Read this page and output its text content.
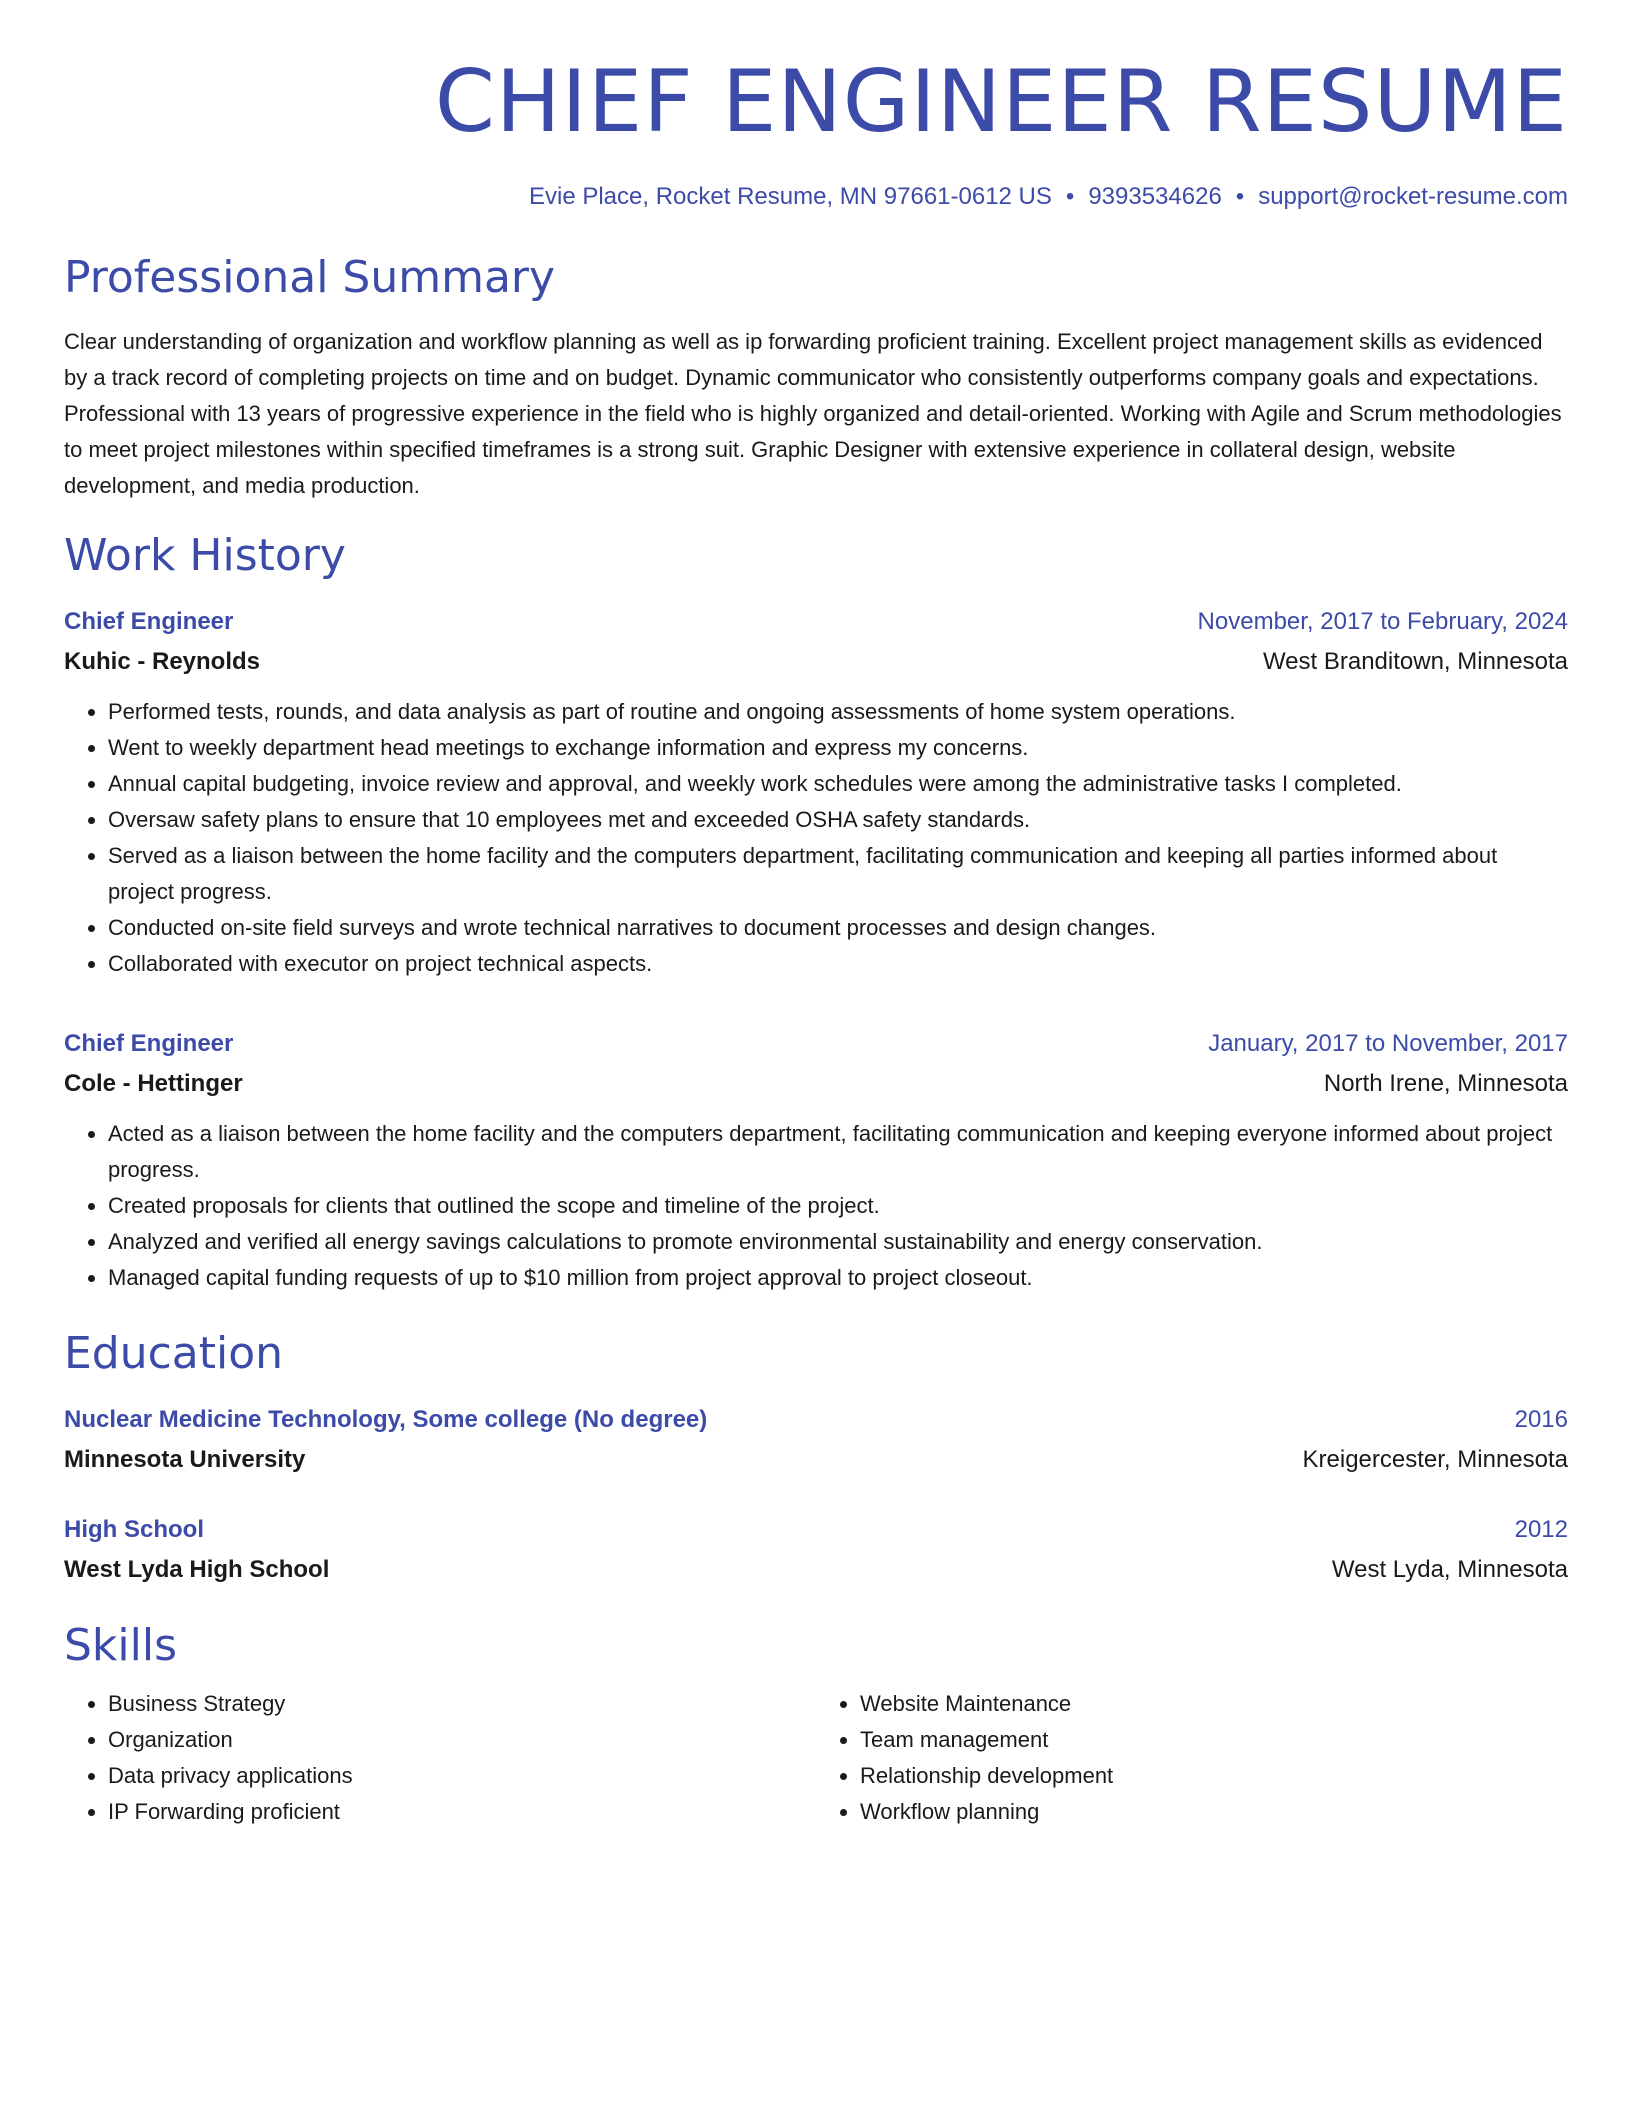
CHIEF ENGINEER RESUME
Evie Place, Rocket Resume, MN 97661-0612 US • 9393534626 • support@rocket-resume.com
Professional Summary

Clear understanding of organization and workflow planning as well as ip forwarding proficient training. Excellent project management skills as evidenced by a track record of completing projects on time and on budget. Dynamic communicator who consistently outperforms company goals and expectations. Professional with 13 years of progressive experience in the field who is highly organized and detail-oriented. Working with Agile and Scrum methodologies to meet project milestones within specified timeframes is a strong suit. Graphic Designer with extensive experience in collateral design, website development, and media production.

Work History
Chief Engineer	November, 2017 to February, 2024
Kuhic - Reynolds	West Branditown, Minnesota
• Performed tests, rounds, and data analysis as part of routine and ongoing assessments of home system operations.
• Went to weekly department head meetings to exchange information and express my concerns.
• Annual capital budgeting, invoice review and approval, and weekly work schedules were among the administrative tasks I completed.
• Oversaw safety plans to ensure that 10 employees met and exceeded OSHA safety standards.
• Served as a liaison between the home facility and the computers department, facilitating communication and keeping all parties informed about project progress.
• Conducted on-site field surveys and wrote technical narratives to document processes and design changes.
• Collaborated with executor on project technical aspects.
Chief Engineer	January, 2017 to November, 2017
Cole - Hettinger	North Irene, Minnesota
• Acted as a liaison between the home facility and the computers department, facilitating communication and keeping everyone informed about project progress.
• Created proposals for clients that outlined the scope and timeline of the project.
• Analyzed and verified all energy savings calculations to promote environmental sustainability and energy conservation.
• Managed capital funding requests of up to $10 million from project approval to project closeout.
Education
Nuclear Medicine Technology, Some college (No degree)	2016
Minnesota University	Kreigercester, Minnesota
High School	2012
West Lyda High School	West Lyda, Minnesota
Skills
• Business Strategy
• Organization
• Data privacy applications
• IP Forwarding proficient
• Website Maintenance
• Team management
• Relationship development
• Workflow planning
